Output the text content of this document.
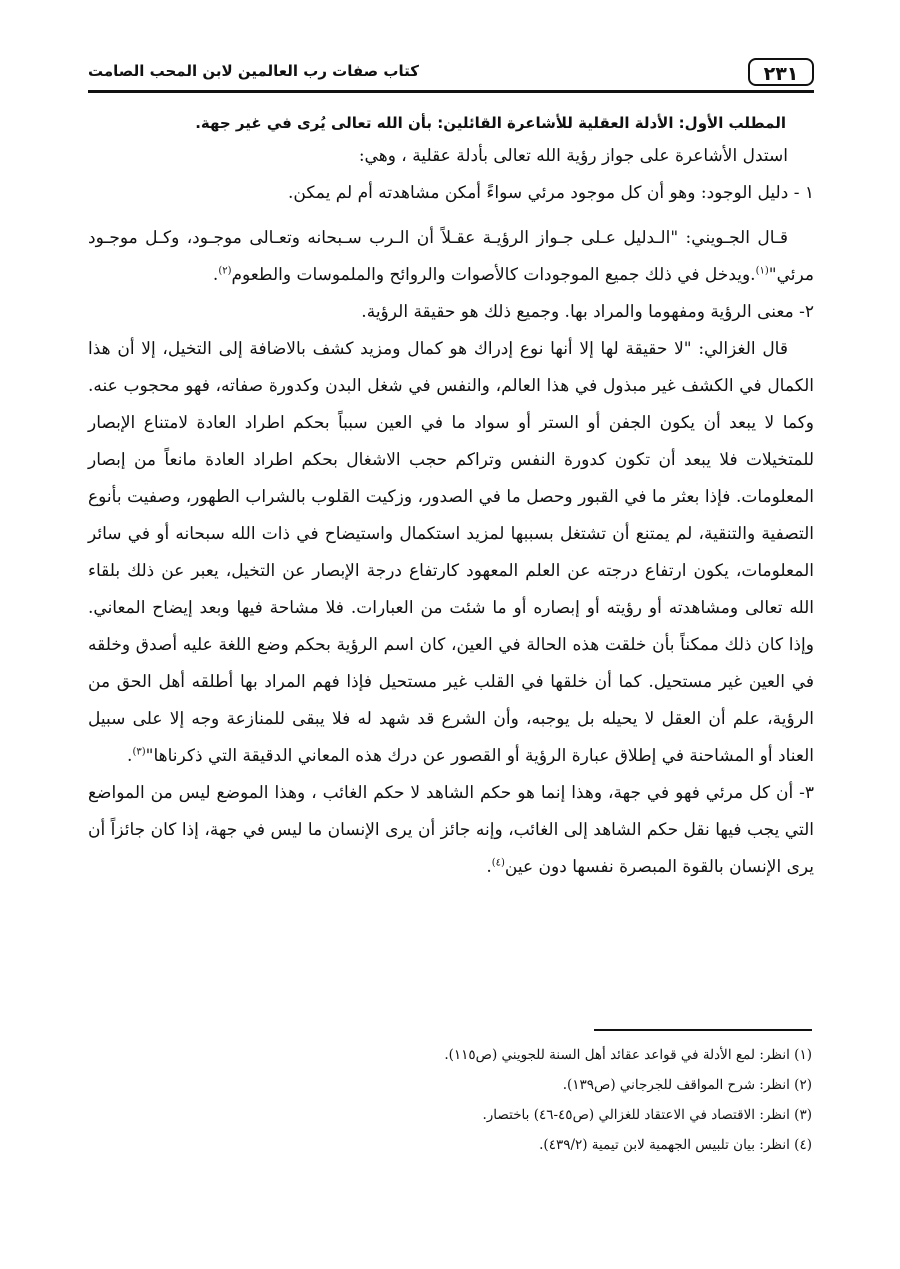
٢٣١
كتاب صفات رب العالمين لابن المحب الصامت

المطلب الأول: الأدلة العقلية للأشاعرة القائلين: بأن الله تعالى يُرى في غير جهة.

استدل الأشاعرة على جواز رؤية الله تعالى بأدلة عقلية ، وهي:

١ - دليل الوجود: وهو أن كل موجود مرئي سواءً أمكن مشاهدته أم لم يمكن.

قـال الجـويني: "الـدليل عـلى جـواز الرؤيـة عقـلاً أن الـرب سـبحانه وتعـالى موجـود، وكـل موجـود مرئي"$^{(١)}$.ويدخل في ذلك جميع الموجودات كالأصوات والروائح والملموسات والطعوم$^{(٢)}$.

٢- معنى الرؤية ومفهوما والمراد بها. وجميع ذلك هو حقيقة الرؤية.

قال الغزالي: "لا حقيقة لها إلا أنها نوع إدراك هو كمال ومزيد كشف بالاضافة إلى التخيل، إلا أن هذا الكمال في الكشف غير مبذول في هذا العالم، والنفس في شغل البدن وكدورة صفاته، فهو محجوب عنه. وكما لا يبعد أن يكون الجفن أو الستر أو سواد ما في العين سبباً بحكم اطراد العادة لامتناع الإبصار للمتخيلات فلا يبعد أن تكون كدورة النفس وتراكم حجب الاشغال بحكم اطراد العادة مانعاً من إبصار المعلومات. فإذا بعثر ما في القبور وحصل ما في الصدور، وزكيت القلوب بالشراب الطهور، وصفيت بأنوع التصفية والتنقية، لم يمتنع أن تشتغل بسببها لمزيد استكمال واستيضاح في ذات الله سبحانه أو في سائر المعلومات، يكون ارتفاع درجته عن العلم المعهود كارتفاع درجة الإبصار عن التخيل، يعبر عن ذلك بلقاء الله تعالى ومشاهدته أو رؤيته أو إبصاره أو ما شئت من العبارات. فلا مشاحة فيها وبعد إيضاح المعاني. وإذا كان ذلك ممكناً بأن خلقت هذه الحالة في العين، كان اسم الرؤية بحكم وضع اللغة عليه أصدق وخلقه في العين غير مستحيل. كما أن خلقها في القلب غير مستحيل فإذا فهم المراد بها أطلقه أهل الحق من الرؤية، علم أن العقل لا يحيله بل يوجبه، وأن الشرع قد شهد له فلا يبقى للمنازعة وجه إلا على سبيل العناد أو المشاحنة في إطلاق عبارة الرؤية أو القصور عن درك هذه المعاني الدقيقة التي ذكرناها"$^{(٣)}$.

٣- أن كل مرئي فهو في جهة، وهذا إنما هو حكم الشاهد لا حكم الغائب ، وهذا الموضع ليس من المواضع التي يجب فيها نقل حكم الشاهد إلى الغائب، وإنه جائز أن يرى الإنسان ما ليس في جهة، إذا كان جائزاً أن يرى الإنسان بالقوة المبصرة نفسها دون عين$^{(٤)}$.

(١) انظر: لمع الأدلة في قواعد عقائد أهل السنة للجويني (ص١١٥).

(٢) انظر: شرح المواقف للجرجاني (ص١٣٩).

(٣) انظر: الاقتصاد في الاعتقاد للغزالي (ص٤٥-٤٦) باختصار.

(٤) انظر: بيان تلبيس الجهمية لابن تيمية (٤٣٩/٢).
